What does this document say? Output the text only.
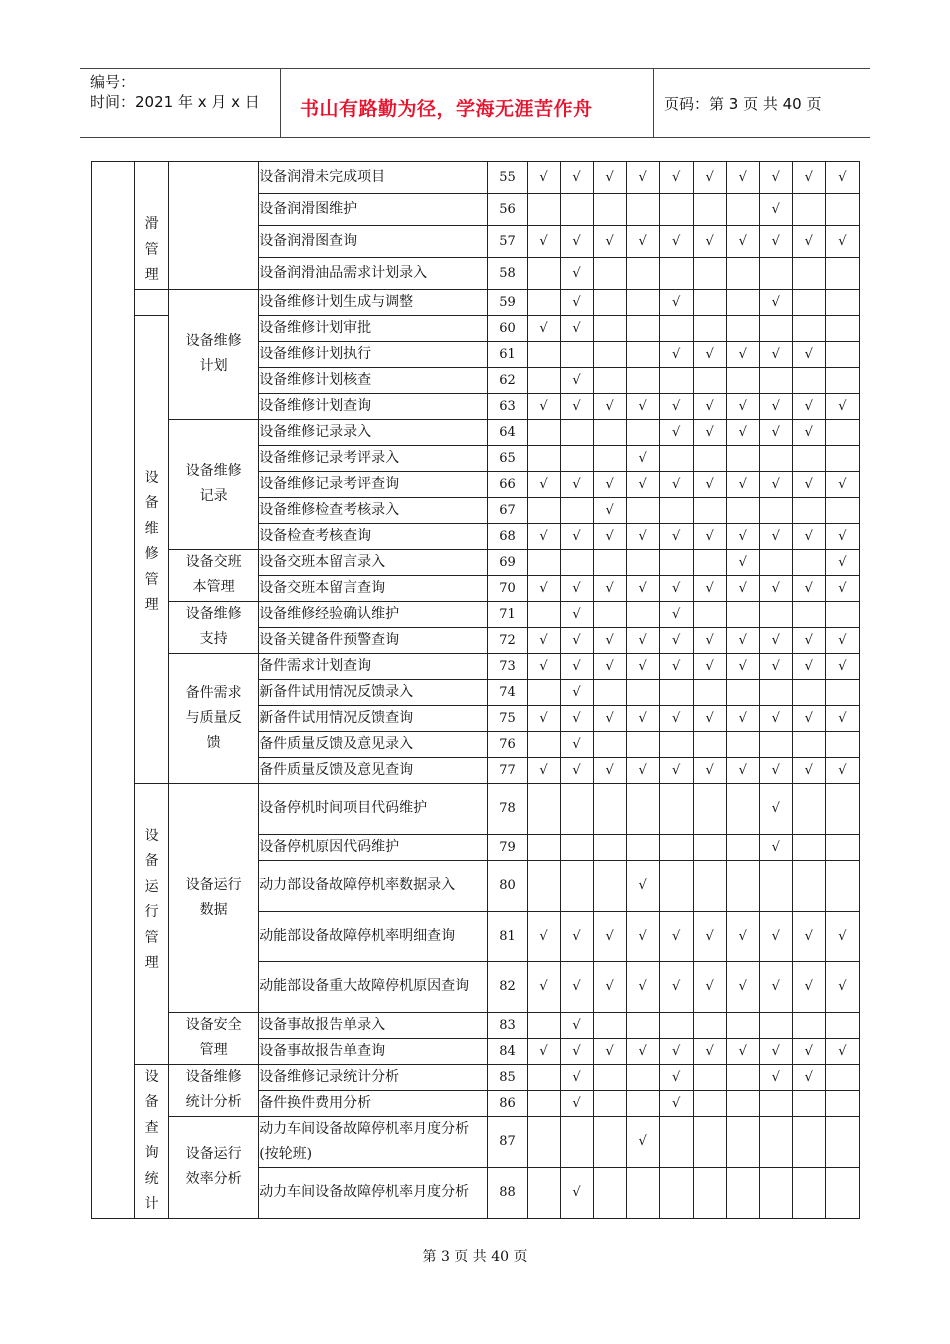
编号：
时间：2021 年 x 月 x 日	页码：第 3 页 共 40 页
书山有路勤为径，学海无涯苦作舟
	滑管理		设备润滑未完成项目	55	√	√	√	√	√	√	√	√	√	√
			设备润滑图维护	56								√		
			设备润滑图查询	57	√	√	√	√	√	√	√	√	√	√
			设备润滑油品需求计划录入	58		√								
		设备维修计划	设备维修计划生成与调整	59		√			√			√		
	设备维修管理		设备维修计划审批	60	√	√								
			设备维修计划执行	61					√	√	√	√	√	
			设备维修计划核查	62		√								
			设备维修计划查询	63	√	√	√	√	√	√	√	√	√	√
		设备维修记录	设备维修记录录入	64					√	√	√	√	√	
			设备维修记录考评录入	65				√						
			设备维修记录考评查询	66	√	√	√	√	√	√	√	√	√	√
			设备维修检查考核录入	67			√							
			设备检查考核查询	68	√	√	√	√	√	√	√	√	√	√
		设备交班本管理	设备交班本留言录入	69							√			√
			设备交班本留言查询	70	√	√	√	√	√	√	√	√	√	√
		设备维修支持	设备维修经验确认维护	71		√			√					
			设备关键备件预警查询	72	√	√	√	√	√	√	√	√	√	√
		备件需求与质量反馈	备件需求计划查询	73	√	√	√	√	√	√	√	√	√	√
			新备件试用情况反馈录入	74		√								
			新备件试用情况反馈查询	75	√	√	√	√	√	√	√	√	√	√
			备件质量反馈及意见录入	76		√								
			备件质量反馈及意见查询	77	√	√	√	√	√	√	√	√	√	√
	设备运行管理	设备运行数据	设备停机时间项目代码维护	78								√		
			设备停机原因代码维护	79								√		
			动力部设备故障停机率数据录入	80				√						
			动能部设备故障停机率明细查询	81	√	√	√	√	√	√	√	√	√	√
			动能部设备重大故障停机原因查询	82	√	√	√	√	√	√	√	√	√	√
		设备安全管理	设备事故报告单录入	83		√								
			设备事故报告单查询	84	√	√	√	√	√	√	√	√	√	√
	设备查询统计	设备维修统计分析	设备维修记录统计分析	85		√			√			√	√	
			备件换件费用分析	86		√			√					
		设备运行效率分析	动力车间设备故障停机率月度分析(按轮班)	87				√						
			动力车间设备故障停机率月度分析	88		√								
第 3 页 共 40 页
